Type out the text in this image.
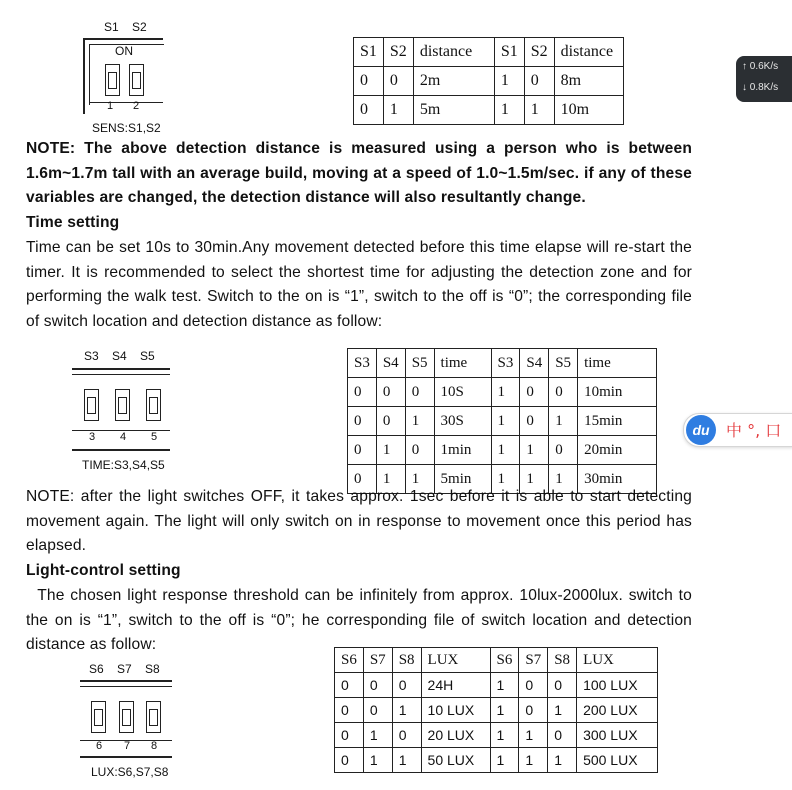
S1    S2
ON
1 2
SENS:S1,S2
S1	S2	distance	S1	S2	distance
0	0	2m	1	0	8m
0	1	5m	1	1	10m
NOTE: The above detection distance is measured using a person who is between 1.6m~1.7m tall with an average build, moving at a speed of 1.0~1.5m/sec. if any of these variables are changed, the detection distance will also resultantly change.
Time setting
Time can be set 10s to 30min.Any movement detected before this time elapse will re-start the timer. It is recommended to select the shortest time for adjusting the detection zone and for performing the walk test. Switch to the on is “1”, switch to the off is “0”; the corresponding file of switch location and detection distance as follow:
S3    S4    S5
3 4 5
TIME:S3,S4,S5
S3	S4	S5	time	S3	S4	S5	time
0	0	0	10S	1	0	0	10min
0	0	1	30S	1	0	1	15min
0	1	0	1min	1	1	0	20min
0	1	1	5min	1	1	1	30min
NOTE: after the light switches OFF, it takes approx. 1sec before it is able to start detecting movement again. The light will only switch on in response to movement once this period has elapsed.
Light-control setting
The chosen light response threshold can be infinitely from approx. 10lux-2000lux. switch to the on is “1”, switch to the off is “0”; he corresponding file of switch location and detection distance as follow:
S6    S7    S8
6 7 8
LUX:S6,S7,S8
S6	S7	S8	LUX	S6	S7	S8	LUX
0	0	0	24H	1	0	0	100 LUX
0	0	1	10 LUX	1	0	1	200 LUX
0	1	0	20 LUX	1	1	0	300 LUX
0	1	1	50 LUX	1	1	1	500 LUX
↑ 0.6K/s
↓ 0.8K/s
du	中 °, 口
